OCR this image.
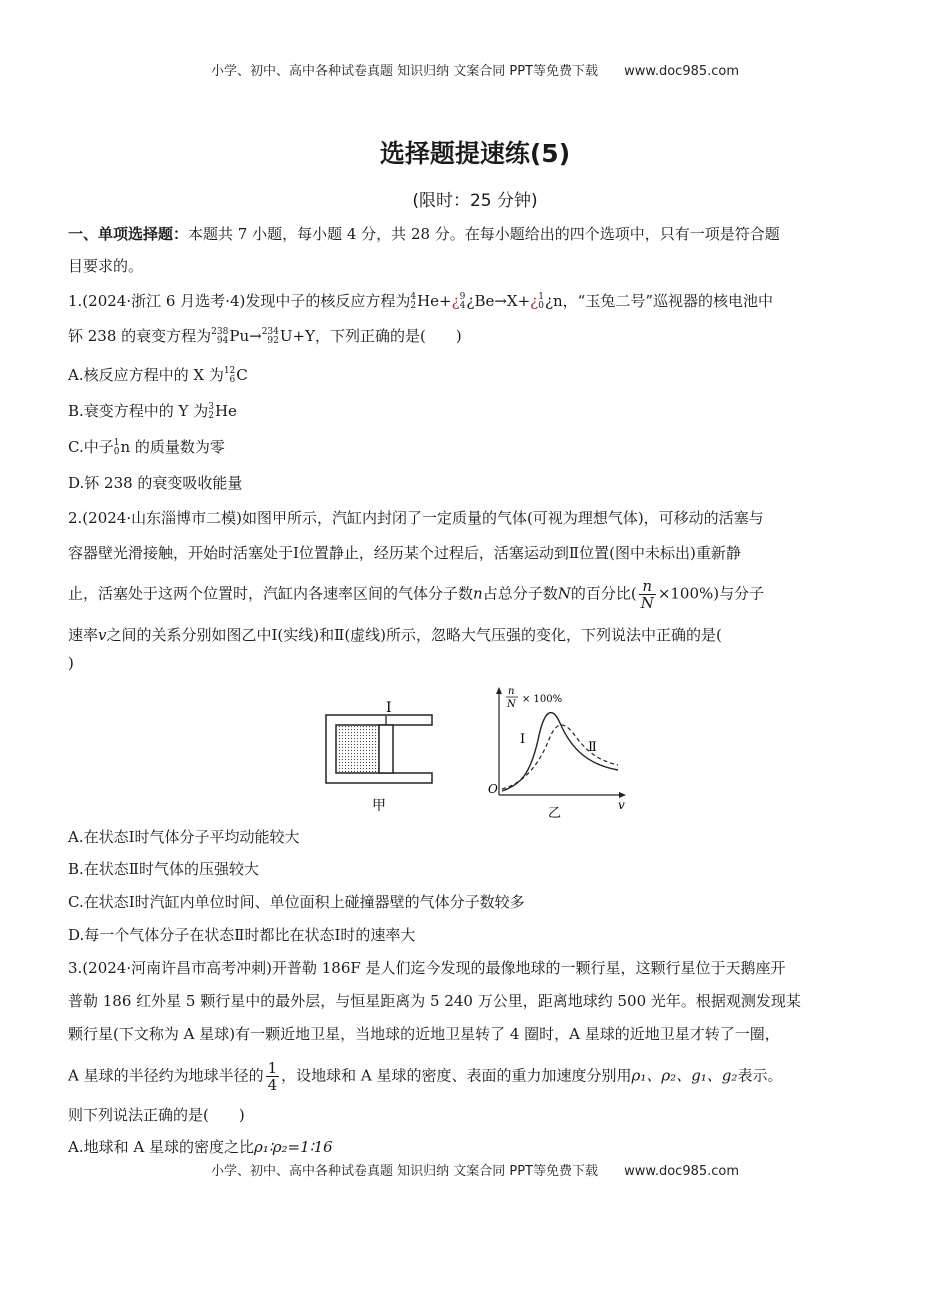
小学、初中、高中各种试卷真题 知识归纳 文案合同 PPT等免费下载 www.doc985.com
选择题提速练(5)
(限时：25 分钟)
一、单项选择题：本题共 7 小题，每小题 4 分，共 28 分。在每小题给出的四个选项中，只有一项是符合题
目要求的。
1.(2024·浙江 6 月选考·4)发现中子的核反应方程为 4
2 He+¿ 9
4 ¿Be→X+¿ 1
0 ¿n，“玉兔二号”巡视器的核电池中
钚 238 的衰变方程为 238
94 Pu→ 234
92 U+Y，下列正确的是(　　)
A.核反应方程中的 X 为 12
6 C
B.衰变方程中的 Y 为 3
2 He
C.中子 1
0 n 的质量数为零
D.钚 238 的衰变吸收能量
2.(2024·山东淄博市二模)如图甲所示，汽缸内封闭了一定质量的气体(可视为理想气体)，可移动的活塞与
容器壁光滑接触，开始时活塞处于Ⅰ位置静止，经历某个过程后，活塞运动到Ⅱ位置(图中未标出)重新静
止，活塞处于这两个位置时，汽缸内各速率区间的气体分子数n占总分子数N的百分比( $\frac{n}{N} \times 100\%$)与分子
速率v之间的关系分别如图乙中Ⅰ(实线)和Ⅱ(虚线)所示，忽略大气压强的变化，下列说法中正确的是(
)
Ⅰ
甲
n
N × 100%
O
v
Ⅰ
Ⅱ
乙
A.在状态Ⅰ时气体分子平均动能较大
B.在状态Ⅱ时气体的压强较大
C.在状态Ⅰ时汽缸内单位时间、单位面积上碰撞器壁的气体分子数较多
D.每一个气体分子在状态Ⅱ时都比在状态Ⅰ时的速率大
3.(2024·河南许昌市高考冲刺)开普勒 186F 是人们迄今发现的最像地球的一颗行星，这颗行星位于天鹅座开
普勒 186 红外星 5 颗行星中的最外层，与恒星距离为 5 240 万公里，距离地球约 500 光年。根据观测发现某
颗行星(下文称为 A 星球)有一颗近地卫星，当地球的近地卫星转了 4 圈时，A 星球的近地卫星才转了一圈，
A 星球的半径约为地球半径的 $\frac{1}{4}$ ，设地球和 A 星球的密度、表面的重力加速度分别用ρ₁、ρ₂、g₁、g₂表示。
则下列说法正确的是(　　)
A.地球和 A 星球的密度之比ρ₁∶ρ₂=1∶16
小学、初中、高中各种试卷真题 知识归纳 文案合同 PPT等免费下载 www.doc985.com
